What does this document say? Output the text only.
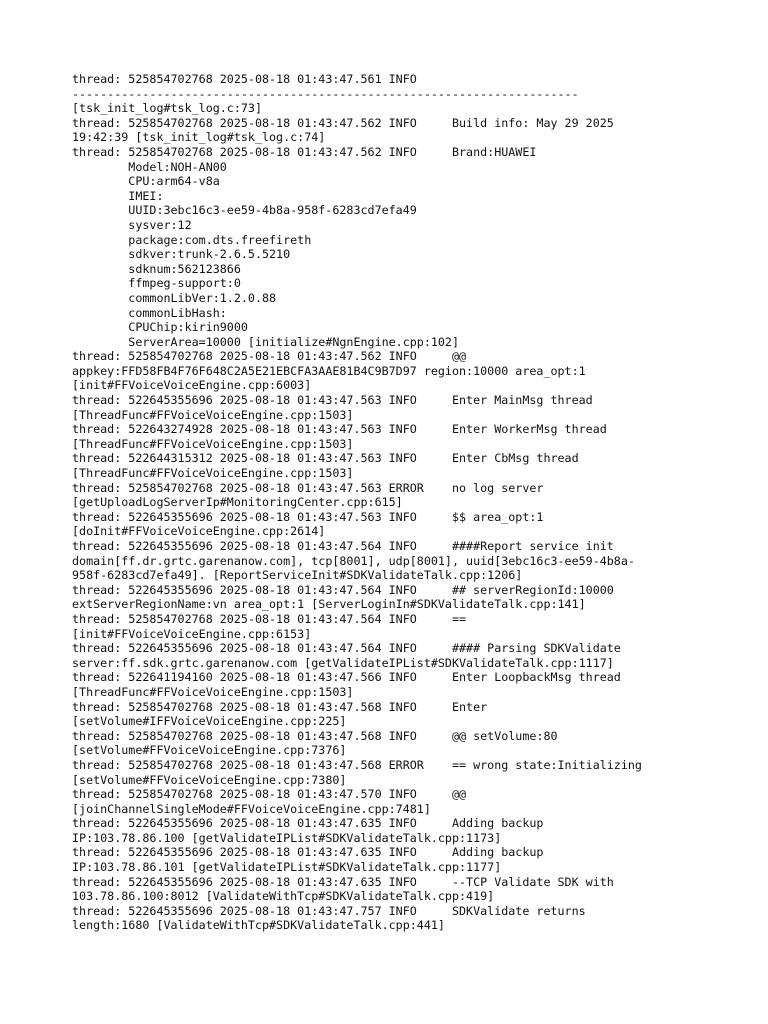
thread: 525854702768 2025-08-18 01:43:47.561 INFO
------------------------------------------------------------------------
[tsk_init_log#tsk_log.c:73]
thread: 525854702768 2025-08-18 01:43:47.562 INFO     Build info: May 29 2025
19:42:39 [tsk_init_log#tsk_log.c:74]
thread: 525854702768 2025-08-18 01:43:47.562 INFO     Brand:HUAWEI
Model:NOH-AN00
CPU:arm64-v8a
IMEI:
UUID:3ebc16c3-ee59-4b8a-958f-6283cd7efa49
sysver:12
package:com.dts.freefireth
sdkver:trunk-2.6.5.5210
sdknum:562123866
ffmpeg-support:0
commonLibVer:1.2.0.88
commonLibHash:
CPUChip:kirin9000
ServerArea=10000 [initialize#NgnEngine.cpp:102]
thread: 525854702768 2025-08-18 01:43:47.562 INFO     @@
appkey:FFD58FB4F76F648C2A5E21EBCFA3AAE81B4C9B7D97 region:10000 area_opt:1
[init#FFVoiceVoiceEngine.cpp:6003]
thread: 522645355696 2025-08-18 01:43:47.563 INFO     Enter MainMsg thread
[ThreadFunc#FFVoiceVoiceEngine.cpp:1503]
thread: 522643274928 2025-08-18 01:43:47.563 INFO     Enter WorkerMsg thread
[ThreadFunc#FFVoiceVoiceEngine.cpp:1503]
thread: 522644315312 2025-08-18 01:43:47.563 INFO     Enter CbMsg thread
[ThreadFunc#FFVoiceVoiceEngine.cpp:1503]
thread: 525854702768 2025-08-18 01:43:47.563 ERROR    no log server
[getUploadLogServerIp#MonitoringCenter.cpp:615]
thread: 522645355696 2025-08-18 01:43:47.563 INFO     $$ area_opt:1
[doInit#FFVoiceVoiceEngine.cpp:2614]
thread: 522645355696 2025-08-18 01:43:47.564 INFO     ####Report service init
domain[ff.dr.grtc.garenanow.com], tcp[8001], udp[8001], uuid[3ebc16c3-ee59-4b8a-
958f-6283cd7efa49]. [ReportServiceInit#SDKValidateTalk.cpp:1206]
thread: 522645355696 2025-08-18 01:43:47.564 INFO     ## serverRegionId:10000
extServerRegionName:vn area_opt:1 [ServerLoginIn#SDKValidateTalk.cpp:141]
thread: 525854702768 2025-08-18 01:43:47.564 INFO     ==
[init#FFVoiceVoiceEngine.cpp:6153]
thread: 522645355696 2025-08-18 01:43:47.564 INFO     #### Parsing SDKValidate
server:ff.sdk.grtc.garenanow.com [getValidateIPList#SDKValidateTalk.cpp:1117]
thread: 522641194160 2025-08-18 01:43:47.566 INFO     Enter LoopbackMsg thread
[ThreadFunc#FFVoiceVoiceEngine.cpp:1503]
thread: 525854702768 2025-08-18 01:43:47.568 INFO     Enter
[setVolume#IFFVoiceVoiceEngine.cpp:225]
thread: 525854702768 2025-08-18 01:43:47.568 INFO     @@ setVolume:80
[setVolume#FFVoiceVoiceEngine.cpp:7376]
thread: 525854702768 2025-08-18 01:43:47.568 ERROR    == wrong state:Initializing
[setVolume#FFVoiceVoiceEngine.cpp:7380]
thread: 525854702768 2025-08-18 01:43:47.570 INFO     @@
[joinChannelSingleMode#FFVoiceVoiceEngine.cpp:7481]
thread: 522645355696 2025-08-18 01:43:47.635 INFO     Adding backup
IP:103.78.86.100 [getValidateIPList#SDKValidateTalk.cpp:1173]
thread: 522645355696 2025-08-18 01:43:47.635 INFO     Adding backup
IP:103.78.86.101 [getValidateIPList#SDKValidateTalk.cpp:1177]
thread: 522645355696 2025-08-18 01:43:47.635 INFO     --TCP Validate SDK with
103.78.86.100:8012 [ValidateWithTcp#SDKValidateTalk.cpp:419]
thread: 522645355696 2025-08-18 01:43:47.757 INFO     SDKValidate returns
length:1680 [ValidateWithTcp#SDKValidateTalk.cpp:441]
